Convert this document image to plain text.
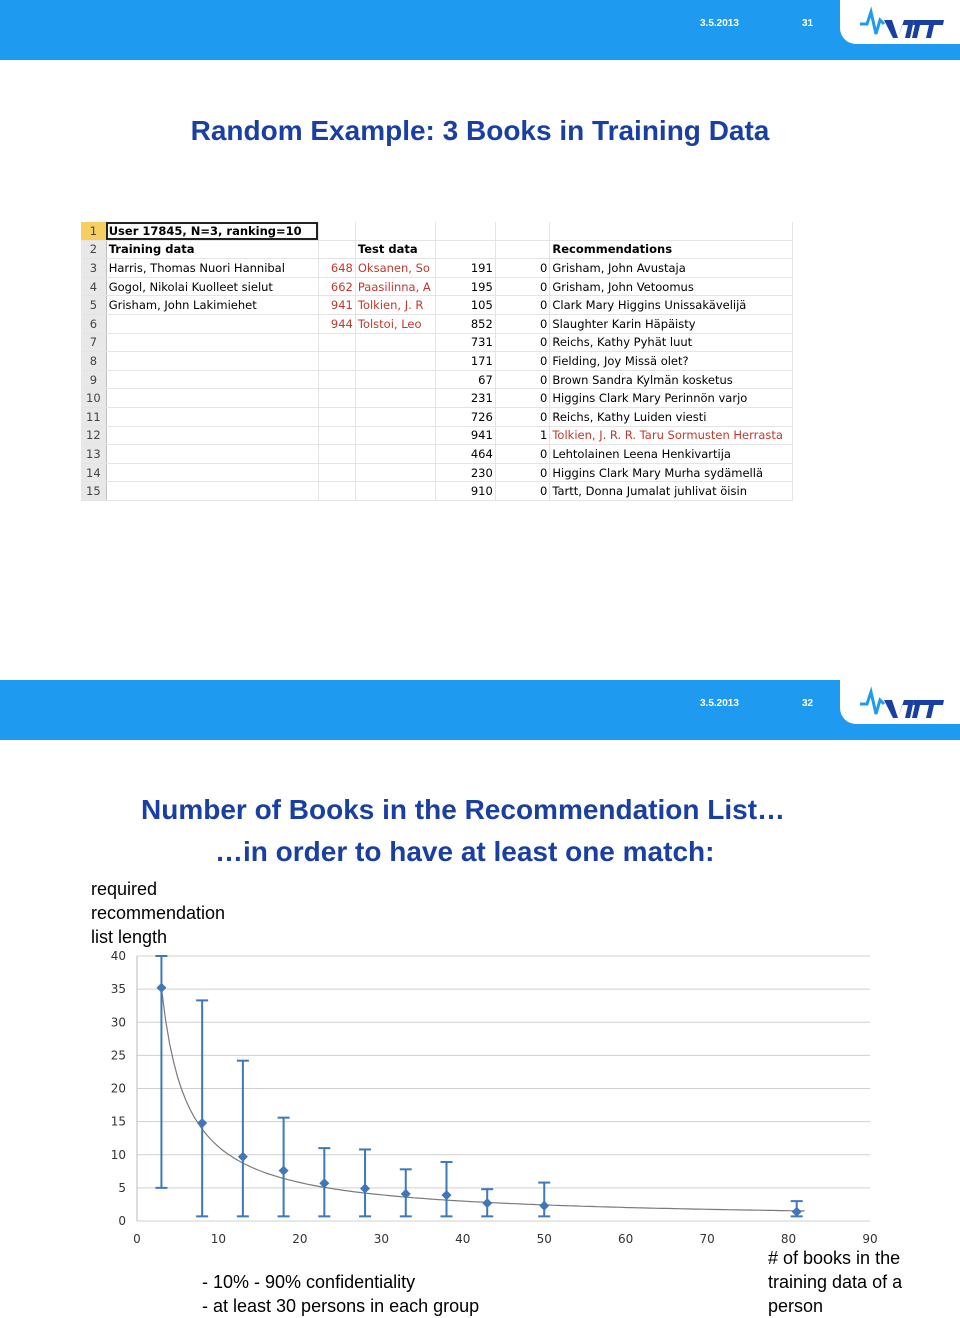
3.5.2013	31
Random Example: 3 Books in Training Data
1	User 17845, N=3, ranking=10					
2	Training data		Test data			Recommendations
3	Harris, Thomas Nuori Hannibal	648	Oksanen, So	191	0	Grisham, John Avustaja
4	Gogol, Nikolai Kuolleet sielut	662	Paasilinna, A	195	0	Grisham, John Vetoomus
5	Grisham, John Lakimiehet	941	Tolkien, J. R	105	0	Clark Mary Higgins Unissakävelijä
6		944	Tolstoi, Leo	852	0	Slaughter Karin Häpäisty
7				731	0	Reichs, Kathy Pyhät luut
8				171	0	Fielding, Joy Missä olet?
9				67	0	Brown Sandra Kylmän kosketus
10				231	0	Higgins Clark Mary Perinnön varjo
11				726	0	Reichs, Kathy Luiden viesti
12				941	1	Tolkien, J. R. R. Taru Sormusten Herrasta
13				464	0	Lehtolainen Leena Henkivartija
14				230	0	Higgins Clark Mary Murha sydämellä
15				910	0	Tartt, Donna Jumalat juhlivat öisin
3.5.2013	32
Number of Books in the Recommendation List…
…in order to have at least one match:
required recommendation list length
0
5
10
15
20
25
30
35
40
0	10	20	30	40	50	60	70	80	90
- 10% - 90% confidentiality
- at least 30 persons in each group
# of books in the training data of a person
